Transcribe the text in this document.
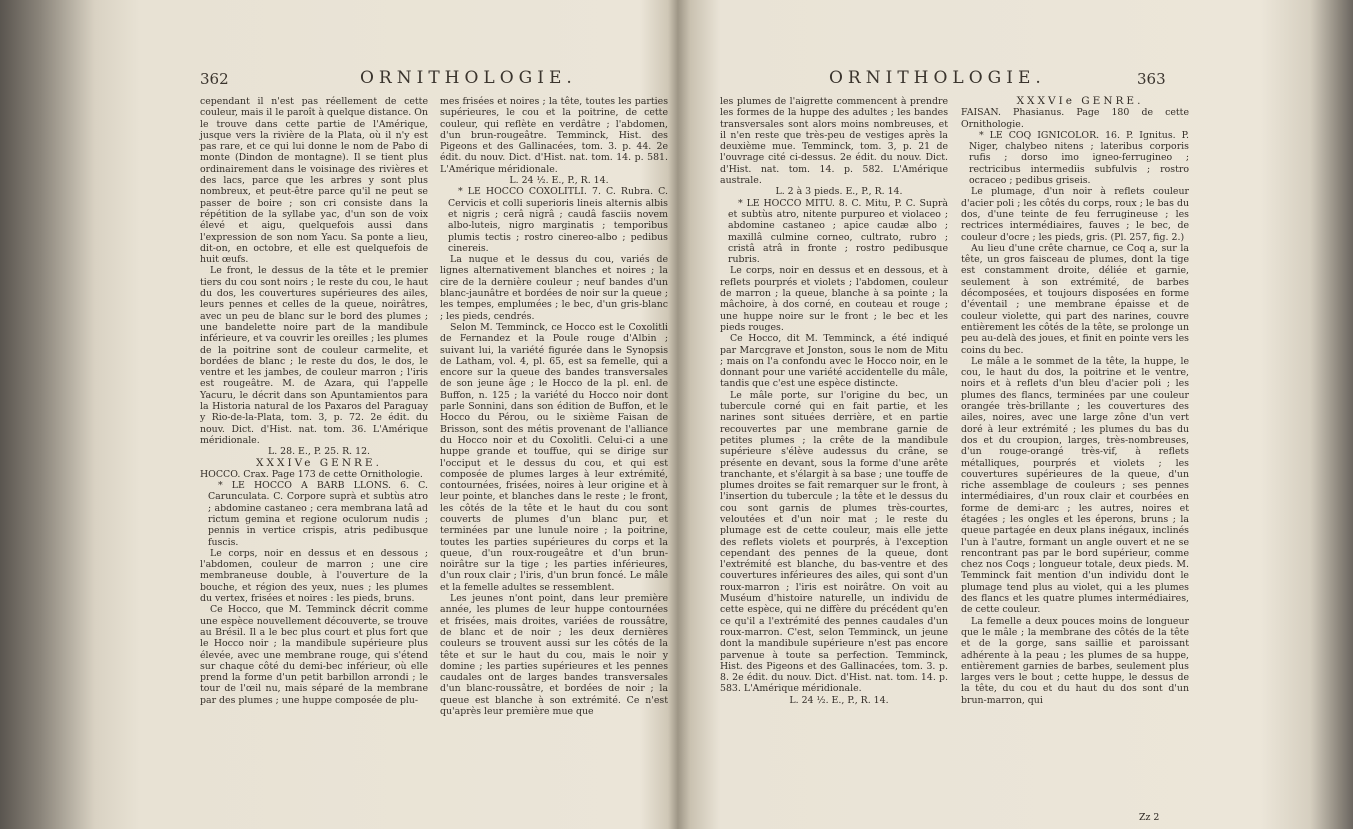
362	ORNITHOLOGIE.

cependant il n'est pas réellement de cette couleur, mais il le paroît à quelque distance. On le trouve dans cette partie de l'Amérique, jusque vers la rivière de la Plata, où il n'y est pas rare, et ce qui lui donne le nom de Pabo di monte (Dindon de montagne). Il se tient plus ordinairement dans le voisinage des rivières et des lacs, parce que les arbres y sont plus nombreux, et peut-être parce qu'il ne peut se passer de boire ; son cri consiste dans la répétition de la syllabe yac, d'un son de voix élevé et aigu, quelquefois aussi dans l'expression de son nom Yacu. Sa ponte a lieu, dit-on, en octobre, et elle est quelquefois de huit œufs.

Le front, le dessus de la tête et le premier tiers du cou sont noirs ; le reste du cou, le haut du dos, les couvertures supérieures des ailes, leurs pennes et celles de la queue, noirâtres, avec un peu de blanc sur le bord des plumes ; une bandelette noire part de la mandibule inférieure, et va couvrir les oreilles ; les plumes de la poitrine sont de couleur carmelite, et bordées de blanc ; le reste du dos, le dos, le ventre et les jambes, de couleur marron ; l'iris est rougeâtre. M. de Azara, qui l'appelle Yacuru, le décrit dans son Apuntamientos para la Historia natural de los Paxaros del Paraguay y Rio-de-la-Plata, tom. 3, p. 72. 2e édit. du nouv. Dict. d'Hist. nat. tom. 36. L'Amérique méridionale.

L. 28. E., P. 25. R. 12.

XXXIVe GENRE.

HOCCO. Crax. Page 173 de cette Ornithologie.

* LE HOCCO A BARB LLONS. 6. C. Carunculata. C. Corpore suprà et subtùs atro ; abdomine castaneo ; cera membrana latâ ad rictum gemina et regione oculorum nudis ; pennis in vertice crispis, atris pedibusque fuscis.

Le corps, noir en dessus et en dessous ; l'abdomen, couleur de marron ; une cire membraneuse double, à l'ouverture de la bouche, et région des yeux, nues ; les plumes du vertex, frisées et noires : les pieds, bruns.

Ce Hocco, que M. Temminck décrit comme une espèce nouvellement découverte, se trouve au Brésil. Il a le bec plus court et plus fort que le Hocco noir ; la mandibule supérieure plus élevée, avec une membrane rouge, qui s'étend sur chaque côté du demi-bec inférieur, où elle prend la forme d'un petit barbillon arrondi ; le tour de l'œil nu, mais séparé de la membrane par des plumes ; une huppe composée de plu-

mes frisées et noires ; la tête, toutes les parties supérieures, le cou et la poitrine, de cette couleur, qui reflète en verdâtre ; l'abdomen, d'un brun-rougeâtre. Temminck, Hist. des Pigeons et des Gallinacées, tom. 3. p. 44. 2e édit. du nouv. Dict. d'Hist. nat. tom. 14. p. 581. L'Amérique méridionale.

L. 24 ½. E., P., R. 14.

* LE HOCCO COXOLITLI. 7. C. Rubra. C. Cervicis et colli superioris lineis alternis albis et nigris ; cerâ nigrâ ; caudâ fasciis novem albo-luteis, nigro marginatis ; temporibus plumis tectis ; rostro cinereo-albo ; pedibus cinereis.

La nuque et le dessus du cou, variés de lignes alternativement blanches et noires ; la cire de la dernière couleur ; neuf bandes d'un blanc-jaunâtre et bordées de noir sur la queue ; les tempes, emplumées ; le bec, d'un gris-blanc ; les pieds, cendrés.

Selon M. Temminck, ce Hocco est le Coxolitli de Fernandez et la Poule rouge d'Albin ; suivant lui, la variété figurée dans le Synopsis de Latham, vol. 4, pl. 65, est sa femelle, qui a encore sur la queue des bandes transversales de son jeune âge ; le Hocco de la pl. enl. de Buffon, n. 125 ; la variété du Hocco noir dont parle Sonnini, dans son édition de Buffon, et le Hocco du Pérou, ou le sixième Faisan de Brisson, sont des métis provenant de l'alliance du Hocco noir et du Coxolitli. Celui-ci a une huppe grande et touffue, qui se dirige sur l'occiput et le dessus du cou, et qui est composée de plumes larges à leur extrémité, contournées, frisées, noires à leur origine et à leur pointe, et blanches dans le reste ; le front, les côtés de la tête et le haut du cou sont couverts de plumes d'un blanc pur, et terminées par une lunule noire ; la poitrine, toutes les parties supérieures du corps et la queue, d'un roux-rougeâtre et d'un brun-noirâtre sur la tige ; les parties inférieures, d'un roux clair ; l'iris, d'un brun foncé. Le mâle et la femelle adultes se ressemblent.

Les jeunes n'ont point, dans leur première année, les plumes de leur huppe contournées et frisées, mais droites, variées de roussâtre, de blanc et de noir ; les deux dernières couleurs se trouvent aussi sur les côtés de la tête et sur le haut du cou, mais le noir y domine ; les parties supérieures et les pennes caudales ont de larges bandes transversales d'un blanc-roussâtre, et bordées de noir ; la queue est blanche à son extrémité. Ce n'est qu'après leur première mue que

ORNITHOLOGIE.	363

les plumes de l'aigrette commencent à prendre les formes de la huppe des adultes ; les bandes transversales sont alors moins nombreuses, et il n'en reste que très-peu de vestiges après la deuxième mue. Temminck, tom. 3, p. 21 de l'ouvrage cité ci-dessus. 2e édit. du nouv. Dict. d'Hist. nat. tom. 14. p. 582. L'Amérique australe.

L. 2 à 3 pieds. E., P., R. 14.

* LE HOCCO MITU. 8. C. Mitu, P. C. Suprà et subtùs atro, nitente purpureo et violaceo ; abdomine castaneo ; apice caudæ albo ; maxillâ culmine corneo, cultrato, rubro ; cristâ atrâ in fronte ; rostro pedibusque rubris.

Le corps, noir en dessus et en dessous, et à reflets pourprés et violets ; l'abdomen, couleur de marron ; la queue, blanche à sa pointe ; la mâchoire, à dos corné, en couteau et rouge ; une huppe noire sur le front ; le bec et les pieds rouges.

Ce Hocco, dit M. Temminck, a été indiqué par Marcgrave et Jonston, sous le nom de Mitu ; mais on l'a confondu avec le Hocco noir, en le donnant pour une variété accidentelle du mâle, tandis que c'est une espèce distincte.

Le mâle porte, sur l'origine du bec, un tubercule corné qui en fait partie, et les narines sont situées derrière, et en partie recouvertes par une membrane garnie de petites plumes ; la crête de la mandibule supérieure s'élève audessus du crâne, se présente en devant, sous la forme d'une arête tranchante, et s'élargit à sa base ; une touffe de plumes droites se fait remarquer sur le front, à l'insertion du tubercule ; la tête et le dessus du cou sont garnis de plumes très-courtes, veloutées et d'un noir mat ; le reste du plumage est de cette couleur, mais elle jette des reflets violets et pourprés, à l'exception cependant des pennes de la queue, dont l'extrémité est blanche, du bas-ventre et des couvertures inférieures des ailes, qui sont d'un roux-marron ; l'iris est noirâtre. On voit au Muséum d'histoire naturelle, un individu de cette espèce, qui ne diffère du précédent qu'en ce qu'il a l'extrémité des pennes caudales d'un roux-marron. C'est, selon Temminck, un jeune dont la mandibule supérieure n'est pas encore parvenue à toute sa perfection. Temminck, Hist. des Pigeons et des Gallinacées, tom. 3. p. 8. 2e édit. du nouv. Dict. d'Hist. nat. tom. 14. p. 583. L'Amérique méridionale.

L. 24 ½. E., P., R. 14.

XXXVIe GENRE.

FAISAN. Phasianus. Page 180 de cette Ornithologie.

* LE COQ IGNICOLOR. 16. P. Ignitus. P. Niger, chalybeo nitens ; lateribus corporis rufis ; dorso imo igneo-ferrugineo ; rectricibus intermediis subfulvis ; rostro ocraceo ; pedibus griseis.

Le plumage, d'un noir à reflets couleur d'acier poli ; les côtés du corps, roux ; le bas du dos, d'une teinte de feu ferrugineuse ; les rectrices intermédiaires, fauves ; le bec, de couleur d'ocre ; les pieds, gris. (Pl. 257, fig. 2.)

Au lieu d'une crête charnue, ce Coq a, sur la tête, un gros faisceau de plumes, dont la tige est constamment droite, déliée et garnie, seulement à son extrémité, de barbes décomposées, et toujours disposées en forme d'éventail ; une membrane épaisse et de couleur violette, qui part des narines, couvre entièrement les côtés de la tête, se prolonge un peu au-delà des joues, et finit en pointe vers les coins du bec.

Le mâle a le sommet de la tête, la huppe, le cou, le haut du dos, la poitrine et le ventre, noirs et à reflets d'un bleu d'acier poli ; les plumes des flancs, terminées par une couleur orangée très-brillante ; les couvertures des ailes, noires, avec une large zône d'un vert doré à leur extrémité ; les plumes du bas du dos et du croupion, larges, très-nombreuses, d'un rouge-orangé très-vif, à reflets métalliques, pourprés et violets ; les couvertures supérieures de la queue, d'un riche assemblage de couleurs ; ses pennes intermédiaires, d'un roux clair et courbées en forme de demi-arc ; les autres, noires et étagées ; les ongles et les éperons, bruns ; la queue partagée en deux plans inégaux, inclinés l'un à l'autre, formant un angle ouvert et ne se rencontrant pas par le bord supérieur, comme chez nos Coqs ; longueur totale, deux pieds. M. Temminck fait mention d'un individu dont le plumage tend plus au violet, qui a les plumes des flancs et les quatre plumes intermédiaires, de cette couleur.

La femelle a deux pouces moins de longueur que le mâle ; la membrane des côtés de la tête et de la gorge, sans saillie et paroissant adhérente à la peau ; les plumes de sa huppe, entièrement garnies de barbes, seulement plus larges vers le bout ; cette huppe, le dessus de la tête, du cou et du haut du dos sont d'un brun-marron, qui

Zz 2
